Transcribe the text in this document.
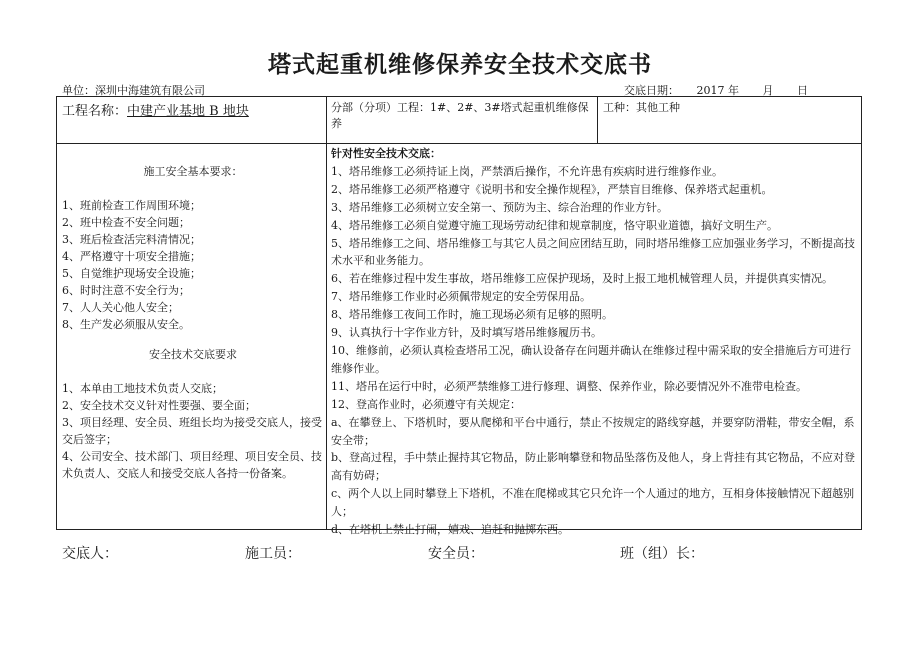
塔式起重机维修保养安全技术交底书
单位：深圳中海建筑有限公司	交底日期： 2017 年 月 日
工程名称：中建产业基地 B 地块	分部（分项）工程：1#、2#、3#塔式起重机维修保养
工种：其他工种
施工安全基本要求：
1、班前检查工作周围环境；
2、班中检查不安全问题；
3、班后检查活完料清情况；
4、严格遵守十项安全措施；
5、自觉维护现场安全设施；
6、时时注意不安全行为；
7、人人关心他人安全；
8、生产发必须服从安全。
安全技术交底要求
1、本单由工地技术负责人交底；
2、安全技术交义针对性要强、要全面；
3、项目经理、安全员、班组长均为接受交底人，接受交后签字；
4、公司安全、技术部门、项目经理、项目安全员、技术负责人、交底人和接受交底人各持一份备案。
针对性安全技术交底：
1、塔吊维修工必须持证上岗，严禁酒后操作，不允许患有疾病时进行维修作业。
2、塔吊维修工必须严格遵守《说明书和安全操作规程》，严禁盲目维修、保养塔式起重机。
3、塔吊维修工必须树立安全第一、预防为主、综合治理的作业方针。
4、塔吊维修工必须自觉遵守施工现场劳动纪律和规章制度，恪守职业道德，搞好文明生产。
5、塔吊维修工之间、塔吊维修工与其它人员之间应团结互助，同时塔吊维修工应加强业务学习，不断提高技术水平和业务能力。
6、若在维修过程中发生事故，塔吊维修工应保护现场，及时上报工地机械管理人员，并提供真实情况。
7、塔吊维修工作业时必须佩带规定的安全劳保用品。
8、塔吊维修工夜间工作时，施工现场必须有足够的照明。
9、认真执行十字作业方针，及时填写塔吊维修履历书。
10、维修前，必须认真检查塔吊工况，确认设备存在问题并确认在维修过程中需采取的安全措施后方可进行维修作业。
11、塔吊在运行中时，必须严禁维修工进行修理、调整、保养作业，除必要情况外不准带电检查。
12、登高作业时，必须遵守有关规定：
a、在攀登上、下塔机时，要从爬梯和平台中通行，禁止不按规定的路线穿越，并要穿防滑鞋，带安全帽，系安全带；
b、登高过程，手中禁止握持其它物品，防止影响攀登和物品坠落伤及他人，身上背挂有其它物品，不应对登高有妨碍；
c、两个人以上同时攀登上下塔机，不准在爬梯或其它只允许一个人通过的地方，互相身体接触情况下超越别人；
d、在塔机上禁止打闹，嬉戏、追赶和抛掷东西。
交底人：	施工员：	安全员：	班（组）长：
